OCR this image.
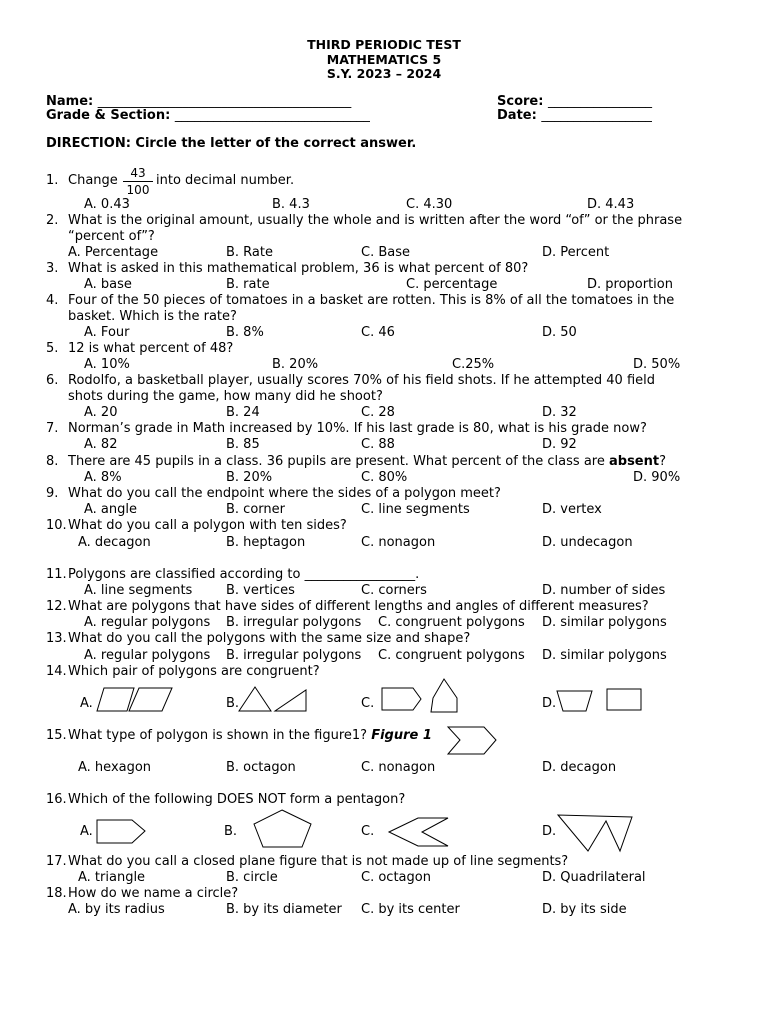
THIRD PERIODIC TEST
MATHEMATICS 5
S.Y. 2023 – 2024
Name: _______________________________________
Grade & Section: ______________________________
Score: ________________
Date: _________________
DIRECTION: Circle the letter of the correct answer.
1. Change $\frac{43}{100}$ into decimal number.
A. 0.43	B. 4.3	C. 4.30	D. 4.43
2. What is the original amount, usually the whole and is written after the word “of” or the phrase
“percent of”?
A. Percentage	B. Rate	C. Base	D. Percent
3. What is asked in this mathematical problem, 36 is what percent of 80?
A. base	B. rate	C. percentage	D. proportion
4. Four of the 50 pieces of tomatoes in a basket are rotten. This is 8% of all the tomatoes in the
basket. Which is the rate?
A. Four	B. 8%	C. 46	D. 50
5. 12 is what percent of 48?
A. 10%	B. 20%	C.25%	D. 50%
6. Rodolfo, a basketball player, usually scores 70% of his field shots. If he attempted 40 field
shots during the game, how many did he shoot?
A. 20	B. 24	C. 28	D. 32
7. Norman’s grade in Math increased by 10%. If his last grade is 80, what is his grade now?
A. 82	B. 85	C. 88	D. 92
8. There are 45 pupils in a class. 36 pupils are present. What percent of the class are absent?
A. 8%	B. 20%	C. 80%	D. 90%
9. What do you call the endpoint where the sides of a polygon meet?
A. angle	B. corner	C. line segments	D. vertex
10. What do you call a polygon with ten sides?
A. decagon	B. heptagon	C. nonagon	D. undecagon
11. Polygons are classified according to _________________.
A. line segments	B. vertices	C. corners	D. number of sides
12. What are polygons that have sides of different lengths and angles of different measures?
A. regular polygons B. irregular polygons C. congruent polygons D. similar polygons
13. What do you call the polygons with the same size and shape?
A. regular polygons B. irregular polygons C. congruent polygons D. similar polygons
14. Which pair of polygons are congruent?
A.	B.	C.	D.
15. What type of polygon is shown in the figure1? Figure 1
A. hexagon	B. octagon	C. nonagon	D. decagon
16. Which of the following DOES NOT form a pentagon?
A.	B.	C.	D.
17. What do you call a closed plane figure that is not made up of line segments?
A. triangle	B. circle	C. octagon	D. Quadrilateral
18. How do we name a circle?
A. by its radius	B. by its diameter C. by its center	D. by its side
